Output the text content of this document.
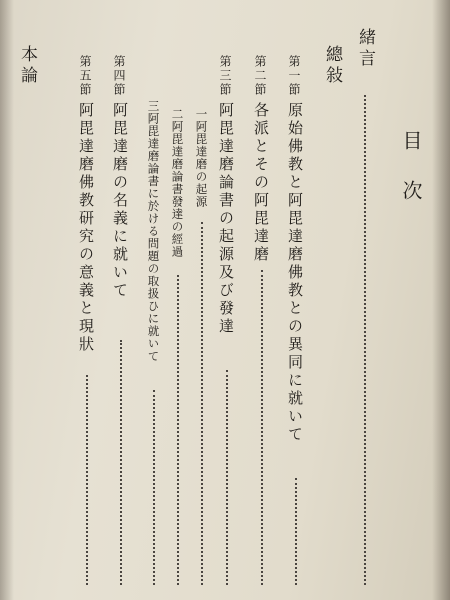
目
次
緒言
總敍
第一節
原始佛教と阿毘達磨佛教との異同に就いて
第二節
各派とその阿毘達磨
第三節
阿毘達磨論書の起源及び發達
一阿毘達磨の起源
二阿毘達磨論書發達の經過
三阿毘達磨論書に於ける問題の取扱ひに就いて
第四節
阿毘達磨の名義に就いて
第五節
阿毘達磨佛教研究の意義と現狀
本論
